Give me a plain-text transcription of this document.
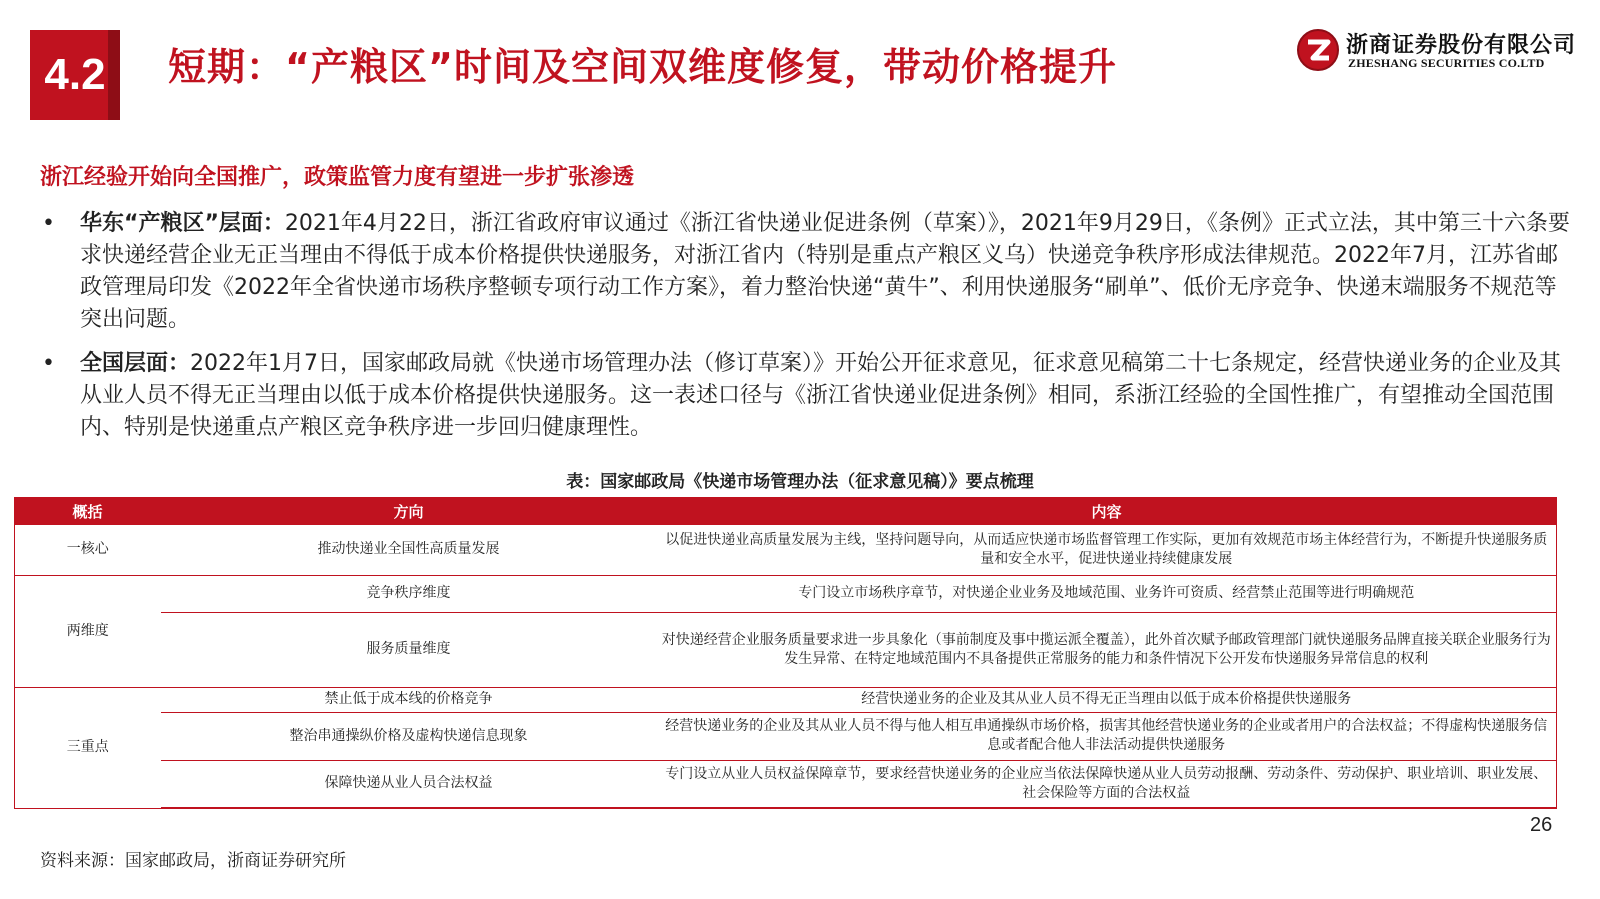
4.2 短期：“产粮区”时间及空间双维度修复，带动价格提升	浙商证券股份有限公司
ZHESHANG SECURITIES CO.LTD
浙江经验开始向全国推广，政策监管力度有望进一步扩张渗透
• 华东“产粮区”层面：2021年4月22日，浙江省政府审议通过《浙江省快递业促进条例（草案）》，2021年9月29日，《条例》正式立法，其中第三十六条要求快递经营企业无正当理由不得低于成本价格提供快递服务，对浙江省内（特别是重点产粮区义乌）快递竞争秩序形成法律规范。2022年7月，江苏省邮政管理局印发《2022年全省快递市场秩序整顿专项行动工作方案》，着力整治快递“黄牛”、利用快递服务“刷单”、低价无序竞争、快递末端服务不规范等突出问题。
• 全国层面：2022年1月7日，国家邮政局就《快递市场管理办法（修订草案）》开始公开征求意见，征求意见稿第二十七条规定，经营快递业务的企业及其从业人员不得无正当理由以低于成本价格提供快递服务。这一表述口径与《浙江省快递业促进条例》相同，系浙江经验的全国性推广，有望推动全国范围内、特别是快递重点产粮区竞争秩序进一步回归健康理性。
表：国家邮政局《快递市场管理办法（征求意见稿）》要点梳理
概括	方向	内容
一核心	推动快递业全国性高质量发展	以促进快递业高质量发展为主线，坚持问题导向，从而适应快递市场监督管理工作实际，更加有效规范市场主体经营行为，不断提升快递服务质量和安全水平，促进快递业持续健康发展
两维度	竞争秩序维度	专门设立市场秩序章节，对快递企业业务及地域范围、业务许可资质、经营禁止范围等进行明确规范
	服务质量维度	对快递经营企业服务质量要求进一步具象化（事前制度及事中揽运派全覆盖），此外首次赋予邮政管理部门就快递服务品牌直接关联企业服务行为发生异常、在特定地域范围内不具备提供正常服务的能力和条件情况下公开发布快递服务异常信息的权利
三重点	禁止低于成本线的价格竞争	经营快递业务的企业及其从业人员不得无正当理由以低于成本价格提供快递服务
	整治串通操纵价格及虚构快递信息现象	经营快递业务的企业及其从业人员不得与他人相互串通操纵市场价格，损害其他经营快递业务的企业或者用户的合法权益；不得虚构快递服务信息或者配合他人非法活动提供快递服务
	保障快递从业人员合法权益	专门设立从业人员权益保障章节，要求经营快递业务的企业应当依法保障快递从业人员劳动报酬、劳动条件、劳动保护、职业培训、职业发展、社会保险等方面的合法权益
26
资料来源：国家邮政局，浙商证券研究所
